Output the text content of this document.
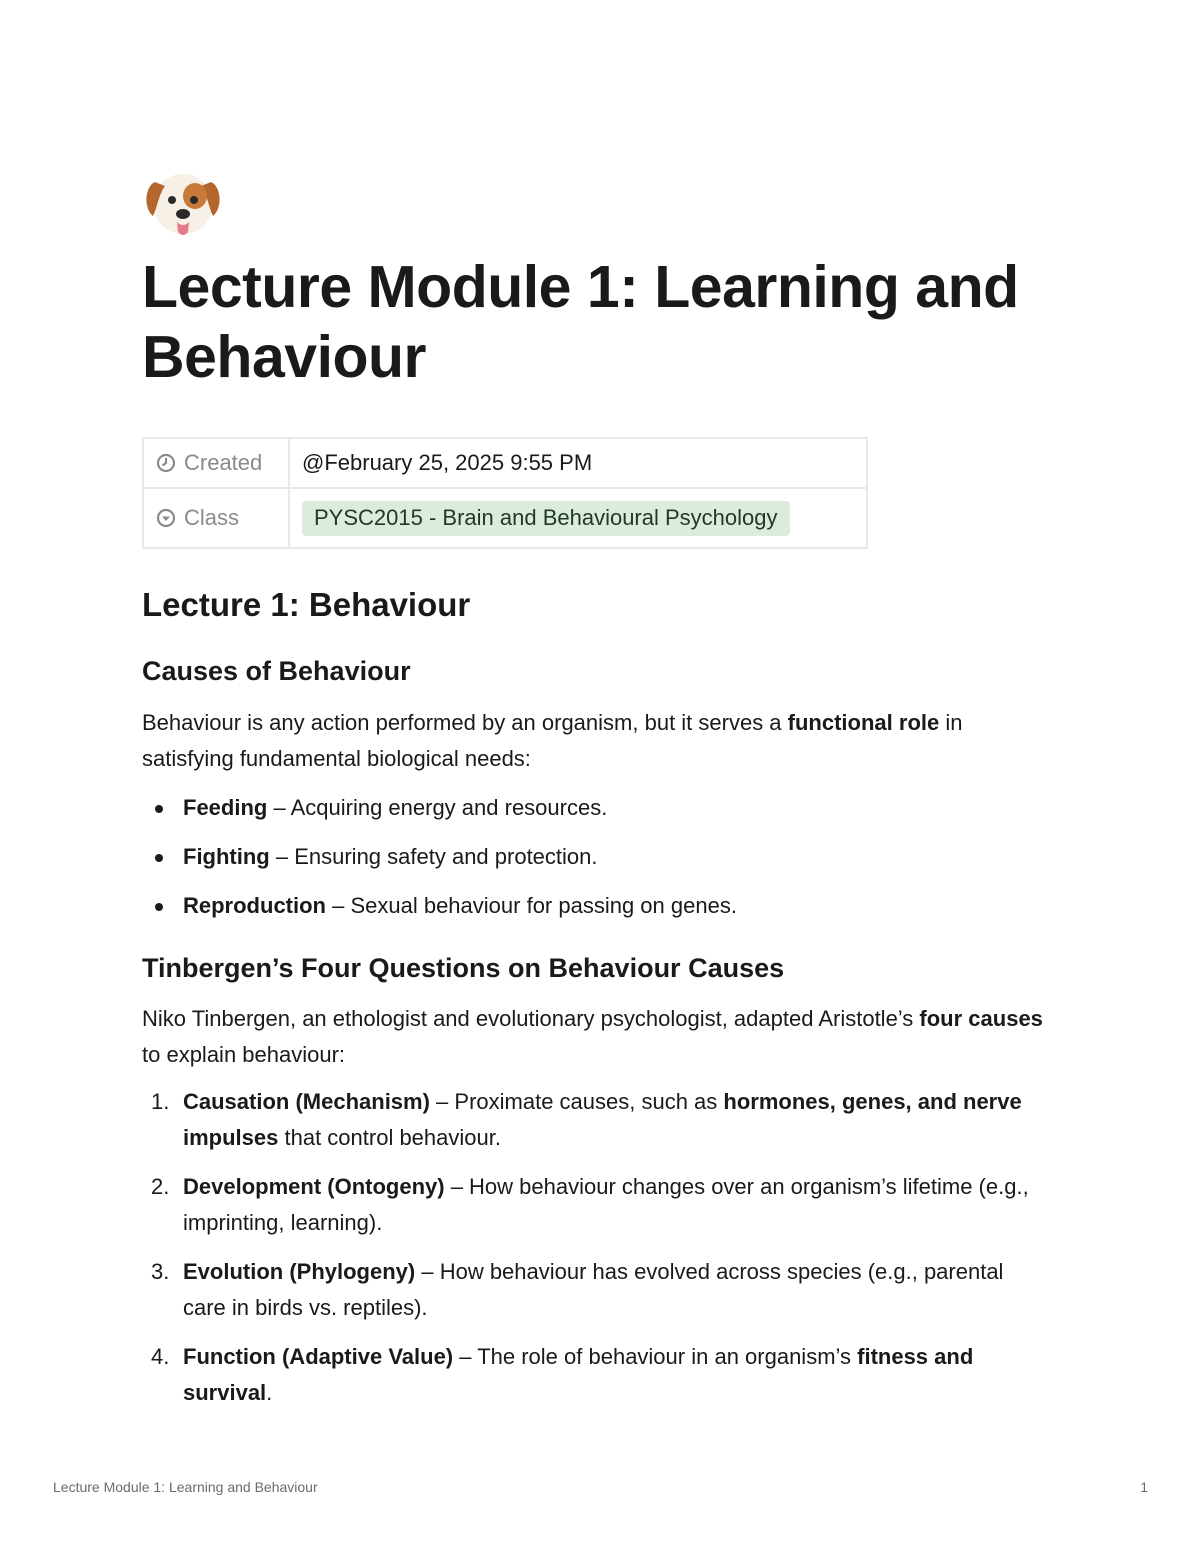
Lecture Module 1: Learning and Behaviour
Created	@February 25, 2025 9:55 PM
Class	PYSC2015 - Brain and Behavioural Psychology
Lecture 1: Behaviour
Causes of Behaviour

Behaviour is any action performed by an organism, but it serves a functional role in satisfying fundamental biological needs:

Feeding – Acquiring energy and resources.
Fighting – Ensuring safety and protection.
Reproduction – Sexual behaviour for passing on genes.
Tinbergen’s Four Questions on Behaviour Causes

Niko Tinbergen, an ethologist and evolutionary psychologist, adapted Aristotle’s four causes to explain behaviour:

1. Causation (Mechanism) – Proximate causes, such as hormones, genes, and nerve impulses that control behaviour.
2. Development (Ontogeny) – How behaviour changes over an organism’s lifetime (e.g., imprinting, learning).
3. Evolution (Phylogeny) – How behaviour has evolved across species (e.g., parental care in birds vs. reptiles).
4. Function (Adaptive Value) – The role of behaviour in an organism’s fitness and survival.
Lecture Module 1: Learning and Behaviour	1
